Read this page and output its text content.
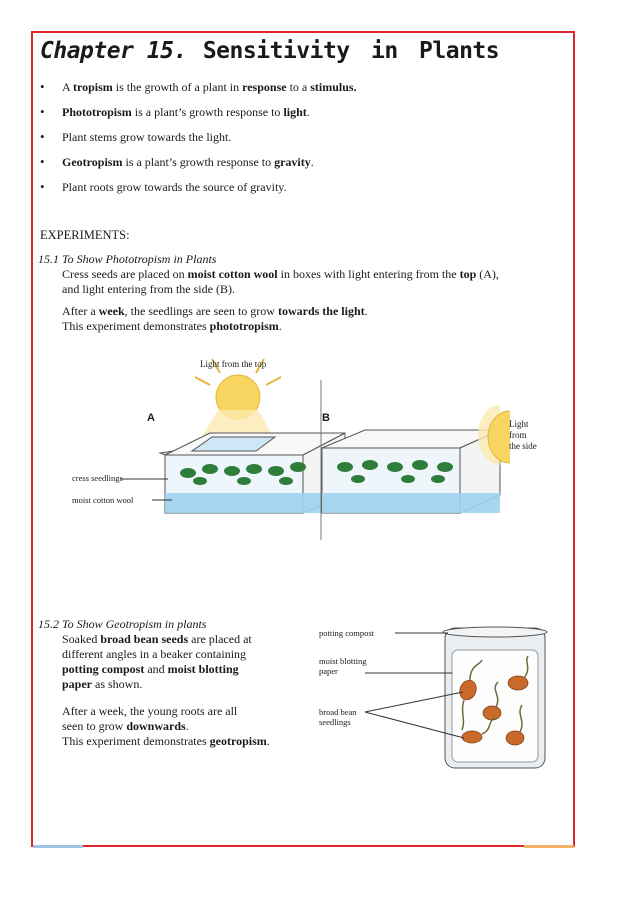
Chapter 15. Sensitivity in Plants
• A tropism is the growth of a plant in response to a stimulus.
• Phototropism is a plant’s growth response to light.
• Plant stems grow towards the light.
• Geotropism is a plant’s growth response to gravity.
• Plant roots grow towards the source of gravity.
EXPERIMENTS:
15.1 To Show Phototropism in Plants

Cress seeds are placed on moist cotton wool in boxes with light entering from the top (A),

and light entering from the side (B).

After a week, the seedlings are seen to grow towards the light.

This experiment demonstrates phototropism.

Light from the top
A	B	Light
from
the side
cress seedlings
moist cotton wool
15.2 To Show Geotropism in plants
Soaked broad bean seeds are placed at
different angles in a beaker containing
potting compost and moist blotting
paper as shown.
After a week, the young roots are all
seen to grow downwards.
This experiment demonstrates geotropism.
potting compost
moist blotting
paper
broad bean
seedlings
